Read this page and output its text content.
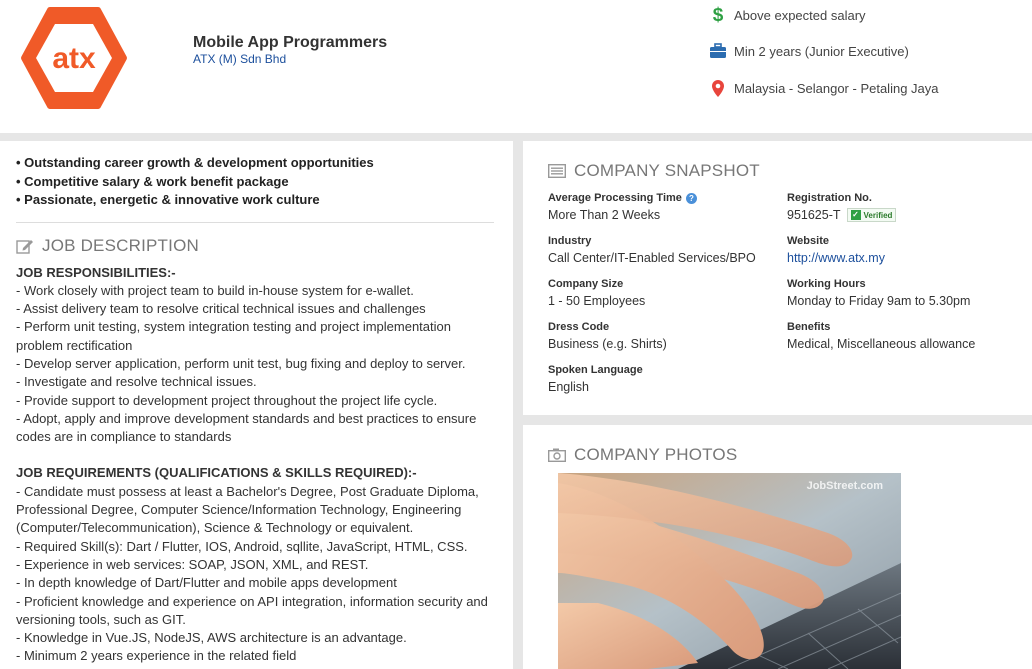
atx	Mobile App Programmers
ATX (M) Sdn Bhd
$ Above expected salary
Min 2 years (Junior Executive)
Malaysia - Selangor - Petaling Jaya
• Outstanding career growth & development opportunities
• Competitive salary & work benefit package
• Passionate, energetic & innovative work culture
JOB DESCRIPTION
JOB RESPONSIBILITIES:-
- Work closely with project team to build in-house system for e-wallet.
- Assist delivery team to resolve critical technical issues and challenges
- Perform unit testing, system integration testing and project implementation problem rectification
- Develop server application, perform unit test, bug fixing and deploy to server.
- Investigate and resolve technical issues.
- Provide support to development project throughout the project life cycle.
- Adopt, apply and improve development standards and best practices to ensure codes are in compliance to standards
JOB REQUIREMENTS (QUALIFICATIONS & SKILLS REQUIRED):-
- Candidate must possess at least a Bachelor's Degree, Post Graduate Diploma, Professional Degree, Computer Science/Information Technology, Engineering (Computer/Telecommunication), Science & Technology or equivalent.
- Required Skill(s): Dart / Flutter, IOS, Android, sqllite, JavaScript, HTML, CSS.
- Experience in web services: SOAP, JSON, XML, and REST.
- In depth knowledge of Dart/Flutter and mobile apps development
- Proficient knowledge and experience on API integration, information security and versioning tools, such as GIT.
- Knowledge in Vue.JS, NodeJS, AWS architecture is an advantage.
- Minimum 2 years experience in the related field
COMPANY SNAPSHOT
Average Processing Time ?
More Than 2 Weeks
Registration No.
951625-T ✓ Verified
Industry
Call Center/IT-Enabled Services/BPO
Website
http://www.atx.my
Company Size
1 - 50 Employees
Working Hours
Monday to Friday 9am to 5.30pm
Dress Code
Business (e.g. Shirts)
Benefits
Medical, Miscellaneous allowance
Spoken Language
English
COMPANY PHOTOS
JobStreet.com
